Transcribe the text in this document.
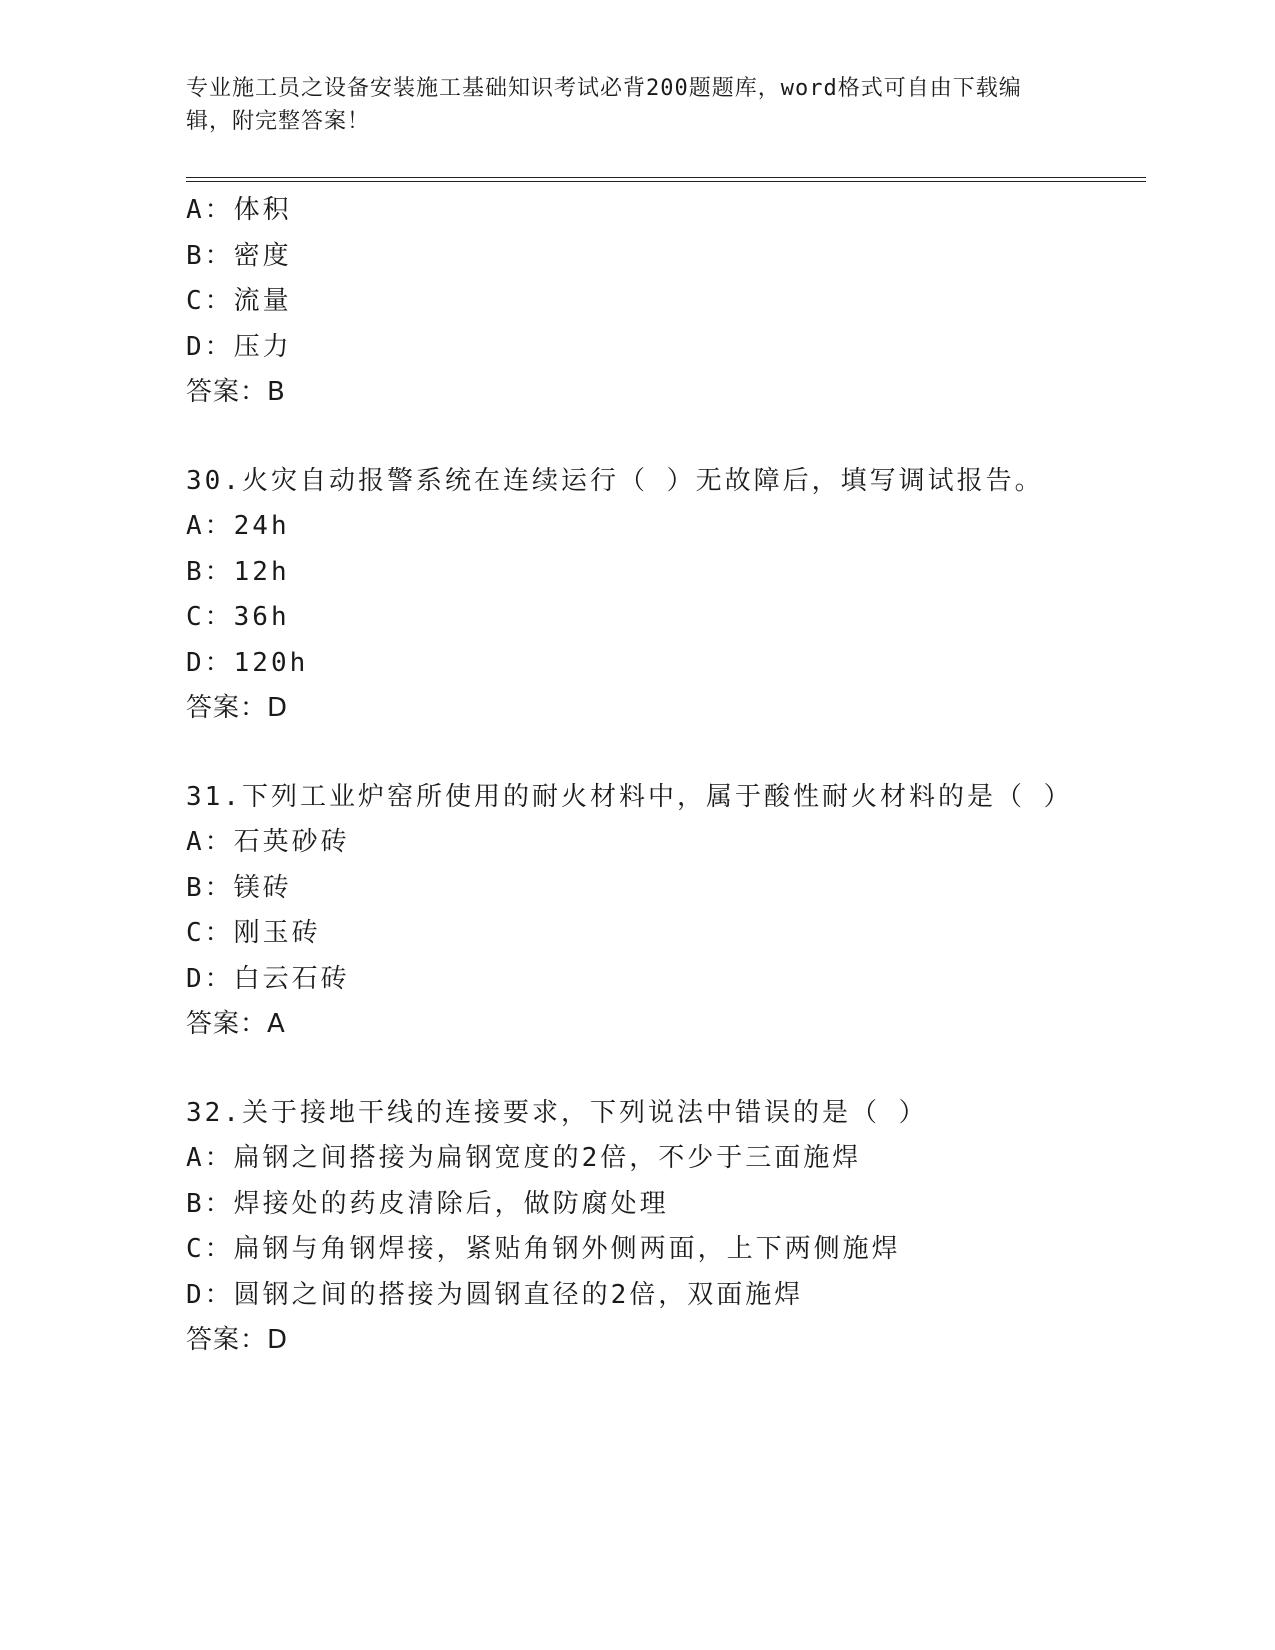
专业施工员之设备安装施工基础知识考试必背200题题库，word格式可自由下载编辑，附完整答案！
A：体积
B：密度
C：流量
D：压力
答案：B
30.火灾自动报警系统在连续运行（ ）无故障后，填写调试报告。
A：24h
B：12h
C：36h
D：120h
答案：D
31.下列工业炉窑所使用的耐火材料中，属于酸性耐火材料的是（ ）
A：石英砂砖
B：镁砖
C：刚玉砖
D：白云石砖
答案：A
32.关于接地干线的连接要求，下列说法中错误的是（ ）
A：扁钢之间搭接为扁钢宽度的2倍，不少于三面施焊
B：焊接处的药皮清除后，做防腐处理
C：扁钢与角钢焊接，紧贴角钢外侧两面，上下两侧施焊
D：圆钢之间的搭接为圆钢直径的2倍，双面施焊
答案：D
